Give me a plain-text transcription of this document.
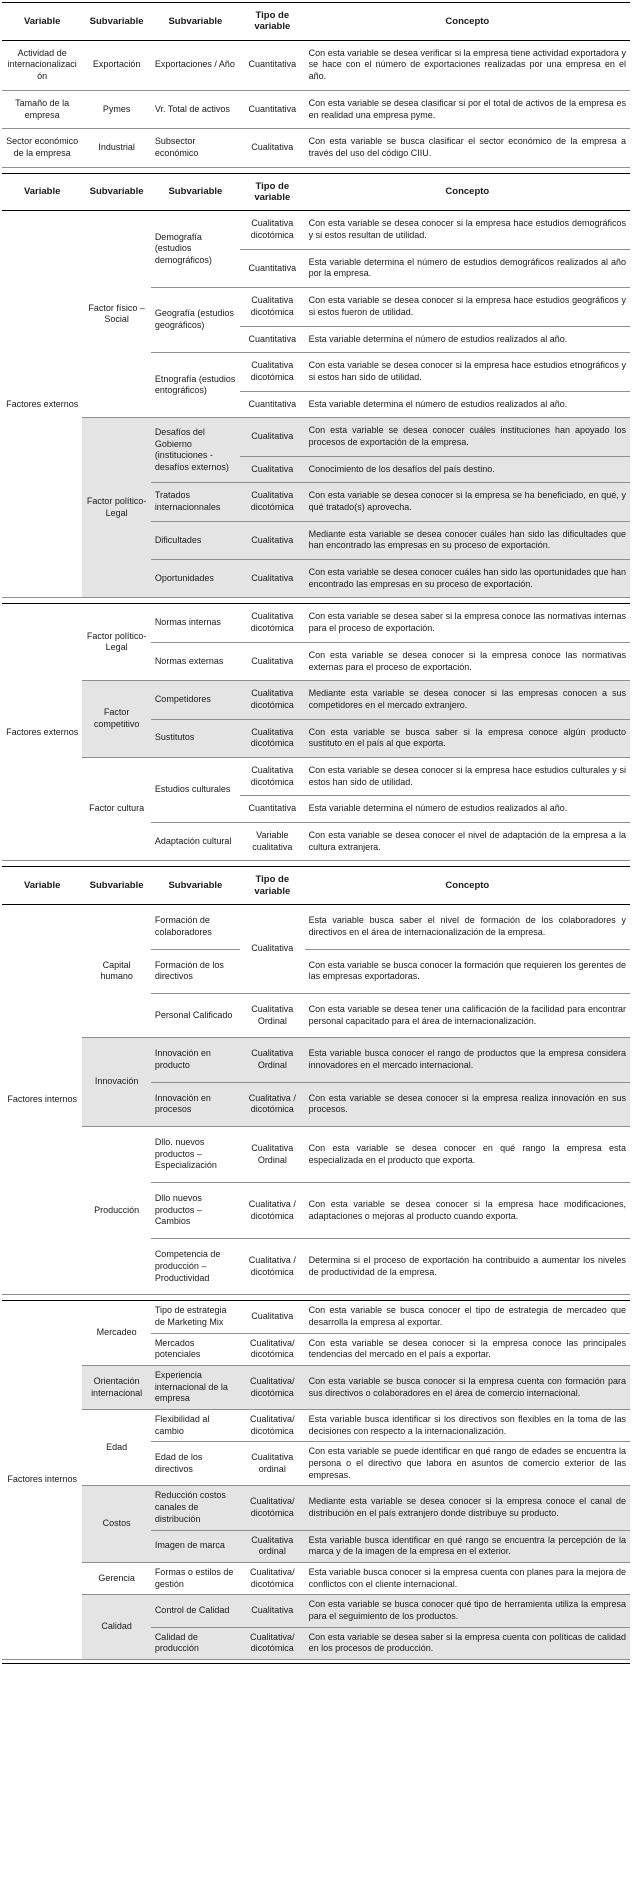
Variable	Subvariable	Subvariable	Tipo de variable	Concepto
Actividad de internacionalización	Exportación	Exportaciones / Año	Cuantitativa	Con esta variable se desea verificar si la empresa tiene actividad exportadora y se hace con el número de exportaciones realizadas por una empresa en el año.
Tamaño de la empresa	Pymes	Vr. Total de activos	Cuantitativa	Con esta variable se desea clasificar si por el total de activos de la empresa es en realidad una empresa pyme.
Sector económico de la empresa	Industrial	Subsector económico	Cualitativa	Con esta variable se busca clasificar el sector económico de la empresa a través del uso del código CIIU.
Variable	Subvariable	Subvariable	Tipo de variable	Concepto
Factores externos	Factor físico – Social	Demografía (estudios demográficos)	Cualitativa dicotómica	Con esta variable se desea conocer si la empresa hace estudios demográficos y si estos resultan de utilidad.
			Cuantitativa	Esta variable determina el número de estudios demográficos realizados al año por la empresa.
		Geografía (estudios geográficos)	Cualitativa dicotómica	Con esta variable se desea conocer si la empresa hace estudios geográficos y si estos fueron de utilidad.
			Cuantitativa	Esta variable determina el número de estudios realizados al año.
		Etnografía (estudios entográficos)	Cualitativa dicotómica	Con esta variable se desea conocer si la empresa hace estudios etnográficos y si estos han sido de utilidad.
			Cuantitativa	Esta variable determina el número de estudios realizados al año.
	Factor político-Legal	Desafíos del Gobierno (instituciones - desafíos externos)	Cualitativa	Con esta variable se desea conocer cuáles instituciones han apoyado los procesos de exportación de la empresa.
			Cualitativa	Conocimiento de los desafíos del país destino.
		Tratados internacionnales	Cualitativa dicotómica	Con esta variable se desea conocer si la empresa se ha beneficiado, en qué, y qué tratado(s) aprovecha.
		Dificultades	Cualitativa	Mediante esta variable se desea conocer cuáles han sido las dificultades que han encontrado las empresas en su proceso de exportación.
		Oportunidades	Cualitativa	Con esta variable se desea conocer cuáles han sido las oportunidades que han encontrado las empresas en su proceso de exportación.
Factores externos	Factor político-Legal	Normas internas	Cualitativa dicotómica	Con esta variable se desea saber si la empresa conoce las normativas internas para el proceso de exportación.
		Normas externas	Cualitativa	Con esta variable se desea conocer si la empresa conoce las normativas externas para el proceso de exportación.
	Factor competitivo	Competidores	Cualitativa dicotómica	Mediante esta variable se desea conocer si las empresas conocen a sus competidores en el mercado extranjero.
		Sustitutos	Cualitativa dicotómica	Con esta variable se busca saber si la empresa conoce algún producto sustituto en el país al que exporta.
	Factor cultura	Estudios culturales	Cualitativa dicotómica	Con esta variable se desea conocer si la empresa hace estudios culturales y si estos han sido de utilidad.
			Cuantitativa	Esta variable determina el número de estudios realizados al año.
		Adaptación cultural	Variable cualitativa	Con esta variable se desea conocer el nivel de adaptación de la empresa a la cultura extranjera.
Variable	Subvariable	Subvariable	Tipo de variable	Concepto
Factores internos	Capital humano	Formación de colaboradores	Cualitativa	Esta variable busca saber el nivel de formación de los colaboradores y directivos en el área de internacionalización de la empresa.
		Formación de los directivos		Con esta variable se busca conocer la formación que requieren los gerentes de las empresas exportadoras.
		Personal Calificado	Cualitativa Ordinal	Con esta variable se desea tener una calificación de la facilidad para encontrar personal capacitado para el área de internacionalización.
	Innovación	Innovación en producto	Cualitativa Ordinal	Esta variable busca conocer el rango de productos que la empresa considera innovadores en el mercado internacional.
		Innovación en procesos	Cualitativa / dicotómica	Con esta variable se desea conocer si la empresa realiza innovación en sus procesos.
	Producción	Dllo. nuevos productos – Especialización	Cualitativa Ordinal	Con esta variable se desea conocer en qué rango la empresa esta especializada en el producto que exporta.
		Dllo nuevos productos – Cambios	Cualitativa / dicotómica	Con esta variable se desea conocer si la empresa hace modificaciones, adaptaciones o mejoras al producto cuando exporta.
		Competencia de producción – Productividad	Cualitativa / dicotómica	Determina si el proceso de exportación ha contribuido a aumentar los niveles de productividad de la empresa.
Factores internos	Mercadeo	Tipo de estrategia de Marketing Mix	Cualitativa	Con esta variable se busca conocer el tipo de estrategia de mercadeo que desarrolla la empresa al exportar.
		Mercados potenciales	Cualitativa/ dicotómica	Con esta variable se desea conocer si la empresa conoce las principales tendencias del mercado en el país a exportar.
	Orientación internacional	Experiencia internacional de la empresa	Cualitativa/ dicotómica	Con esta variable se busca conocer si la empresa cuenta con formación para sus directivos o colaboradores en el área de comercio internacional.
	Edad	Flexibilidad al cambio	Cualitativa/ dicotómica	Esta variable busca identificar si los directivos son flexibles en la toma de las decisiones con respecto a la internacionalización.
		Edad de los directivos	Cualitativa ordinal	Con esta variable se puede identificar en qué rango de edades se encuentra la persona o el directivo que labora en asuntos de comercio exterior de las empresas.
	Costos	Reducción costos canales de distribución	Cualitativa/ dicotómica	Mediante esta variable se desea conocer si la empresa conoce el canal de distribución en el país extranjero donde distribuye su producto.
		Imagen de marca	Cualitativa ordinal	Esta variable busca identificar en qué rango se encuentra la percepción de la marca y de la imagen de la empresa en el exterior.
	Gerencia	Formas o estilos de gestión	Cualitativa/ dicotómica	Esta variable busca conocer si la empresa cuenta con planes para la mejora de conflictos con el cliente internacional.
	Calidad	Control de Calidad	Cualitativa	Con esta variable se busca conocer qué tipo de herramienta utiliza la empresa para el seguimiento de los productos.
		Calidad de producción	Cualitativa/ dicotómica	Con esta variable se desea saber si la empresa cuenta con políticas de calidad en los procesos de producción.
